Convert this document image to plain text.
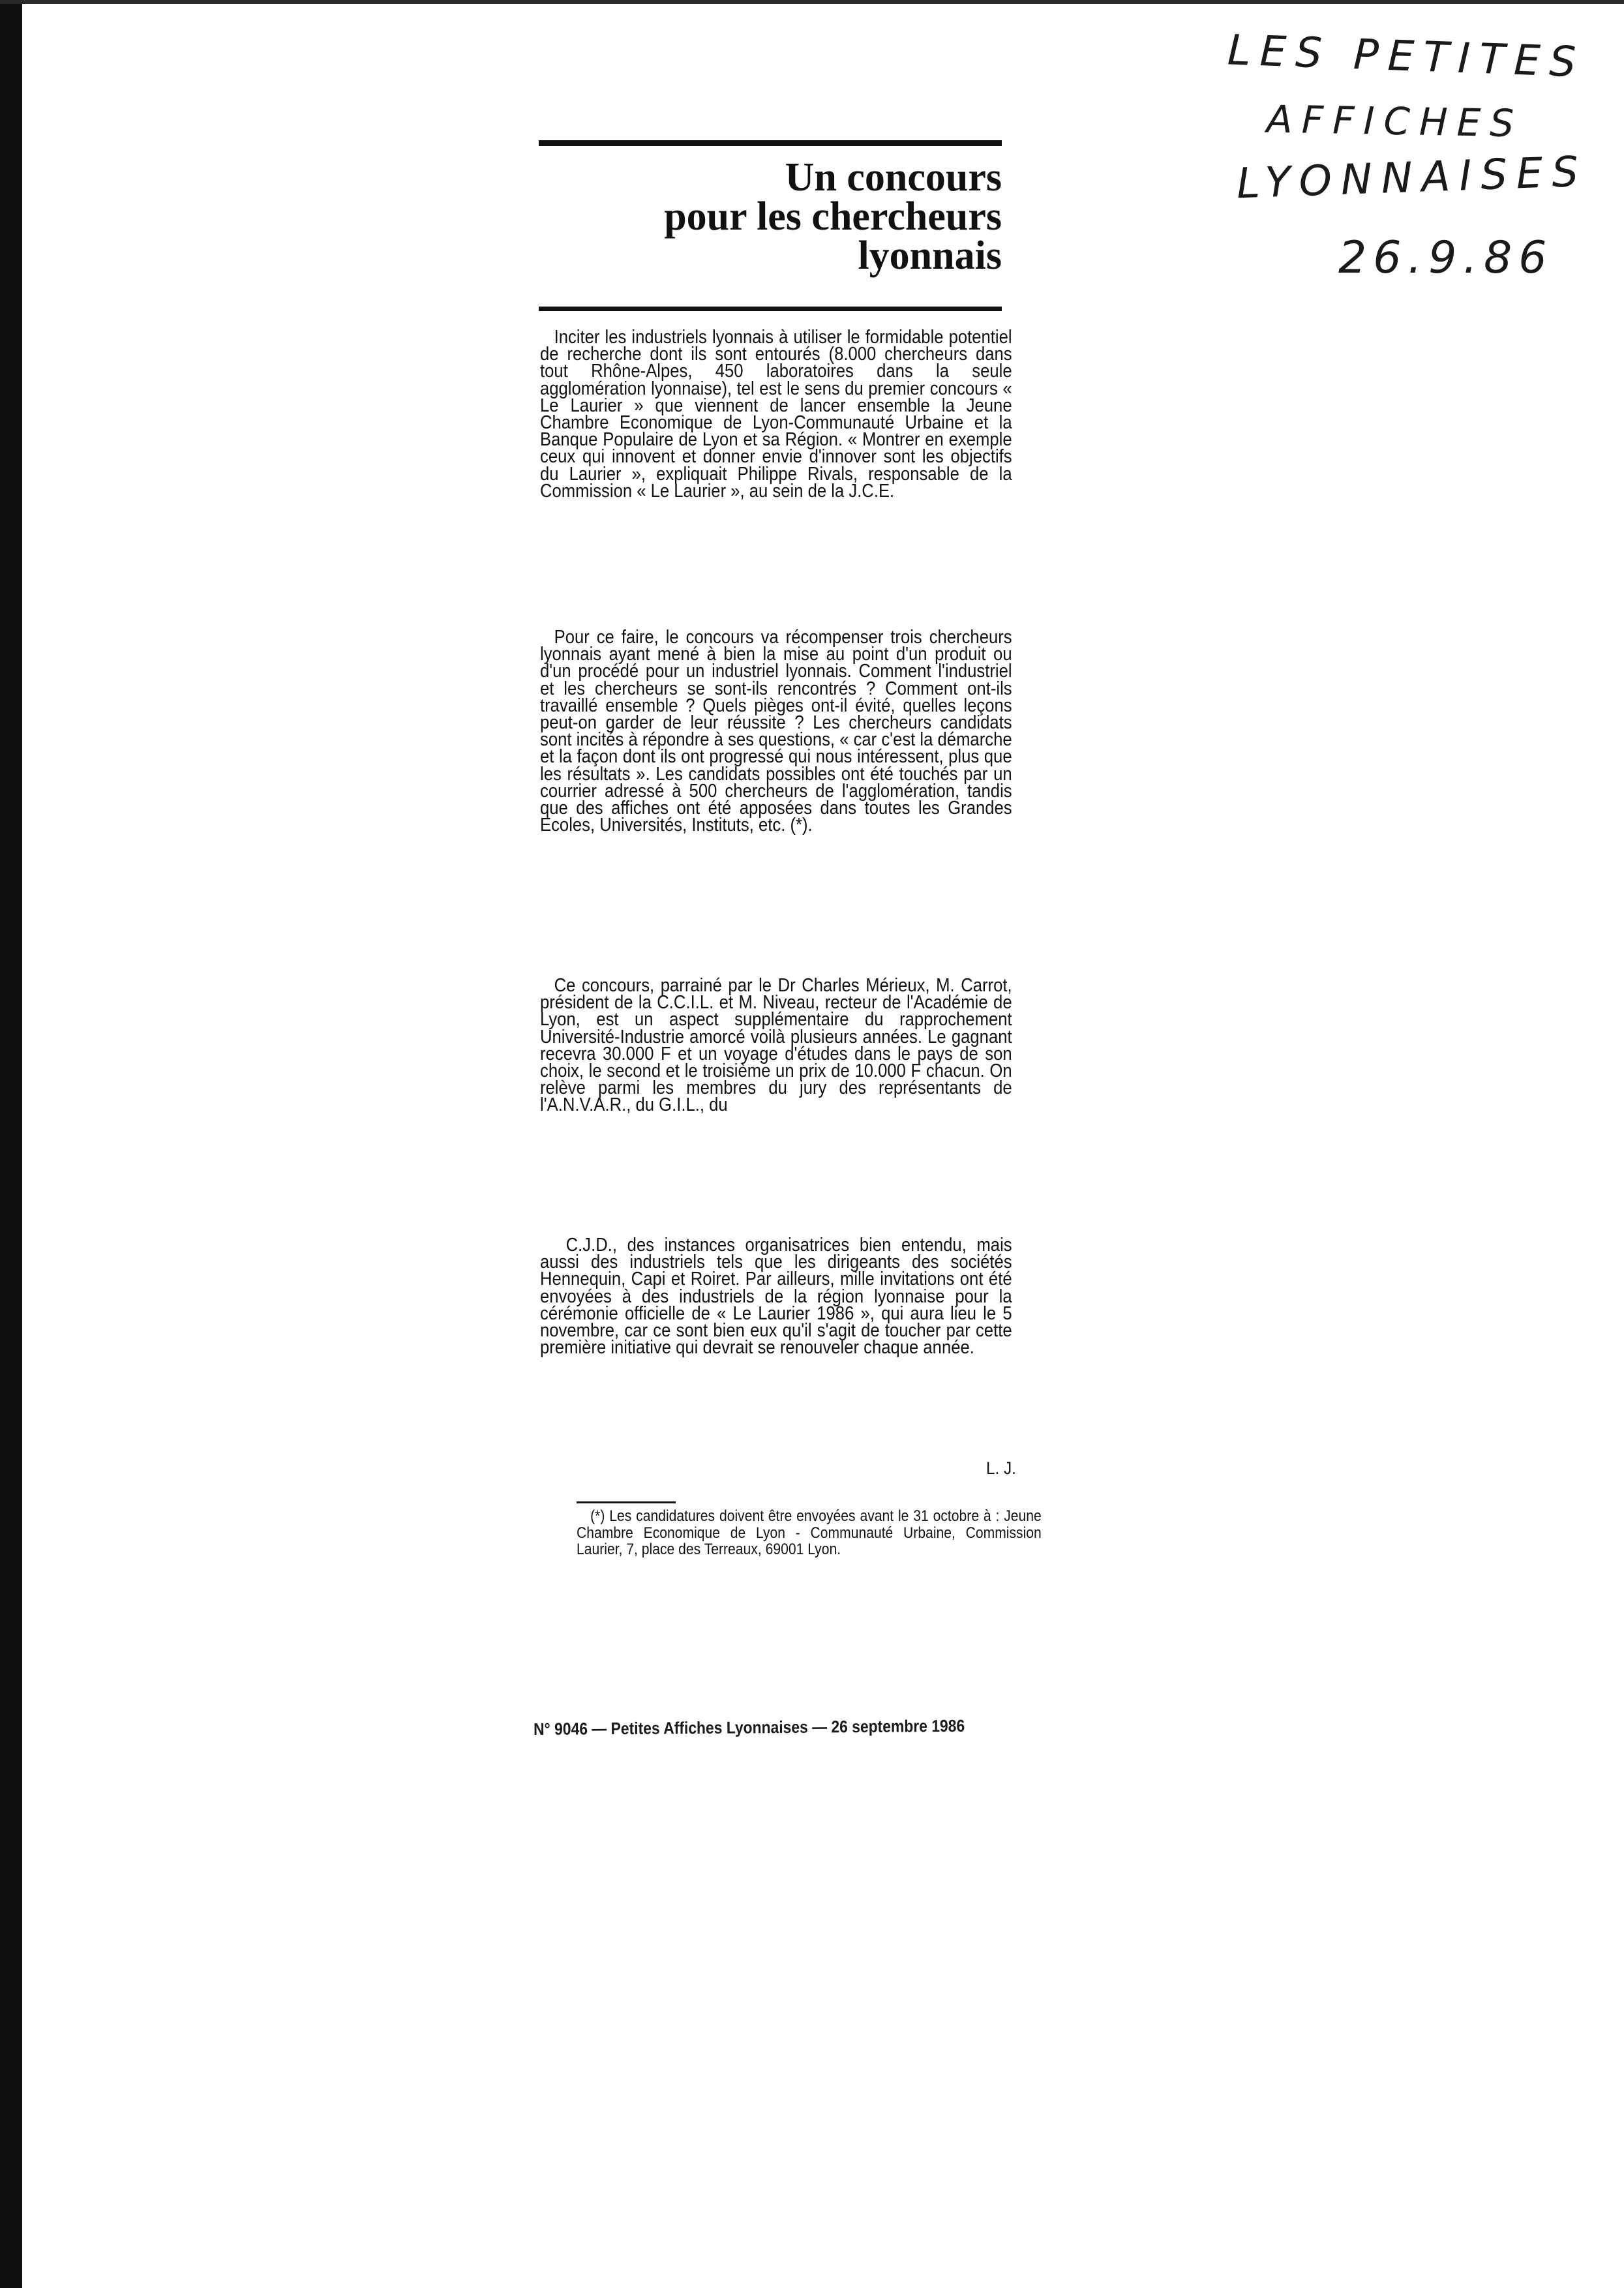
LES PETITES
AFFICHES
LYONNAISES
26.9.86
Un concours
pour les chercheurs
lyonnais

Inciter les industriels lyonnais à utiliser le formidable potentiel de recherche dont ils sont entourés (8.000 chercheurs dans tout Rhône-Alpes, 450 laboratoires dans la seule agglomération lyonnaise), tel est le sens du premier concours « Le Laurier » que viennent de lancer ensemble la Jeune Chambre Economique de Lyon-Communauté Urbaine et la Banque Populaire de Lyon et sa Région. « Montrer en exemple ceux qui innovent et donner envie d'innover sont les objectifs du Laurier », expliquait Philippe Rivals, responsable de la Commission « Le Laurier », au sein de la J.C.E.

Pour ce faire, le concours va récompenser trois chercheurs lyonnais ayant mené à bien la mise au point d'un produit ou d'un procédé pour un industriel lyonnais. Comment l'industriel et les chercheurs se sont-ils rencontrés ? Comment ont-ils travaillé ensemble ? Quels pièges ont-il évité, quelles leçons peut-on garder de leur réussite ? Les chercheurs candidats sont incités à répondre à ses questions, « car c'est la démarche et la façon dont ils ont progressé qui nous intéressent, plus que les résultats ». Les candidats possibles ont été touchés par un courrier adressé à 500 chercheurs de l'agglomération, tandis que des affiches ont été apposées dans toutes les Grandes Ecoles, Universités, Instituts, etc. (*).

Ce concours, parrainé par le Dr Charles Mérieux, M. Carrot, président de la C.C.I.L. et M. Niveau, recteur de l'Académie de Lyon, est un aspect supplémentaire du rapprochement Université-Industrie amorcé voilà plusieurs années. Le gagnant recevra 30.000 F et un voyage d'études dans le pays de son choix, le second et le troisième un prix de 10.000 F chacun. On relève parmi les membres du jury des représentants de l'A.N.V.A.R., du G.I.L., du

C.J.D., des instances organisatrices bien entendu, mais aussi des industriels tels que les dirigeants des sociétés Hennequin, Capi et Roiret. Par ailleurs, mille invitations ont été envoyées à des industriels de la région lyonnaise pour la cérémonie officielle de « Le Laurier 1986 », qui aura lieu le 5 novembre, car ce sont bien eux qu'il s'agit de toucher par cette première initiative qui devrait se renouveler chaque année.

L. J.

(*) Les candidatures doivent être envoyées avant le 31 octobre à : Jeune Chambre Economique de Lyon - Communauté Urbaine, Commission Laurier, 7, place des Terreaux, 69001 Lyon.

N° 9046 — Petites Affiches Lyonnaises — 26 septembre 1986
